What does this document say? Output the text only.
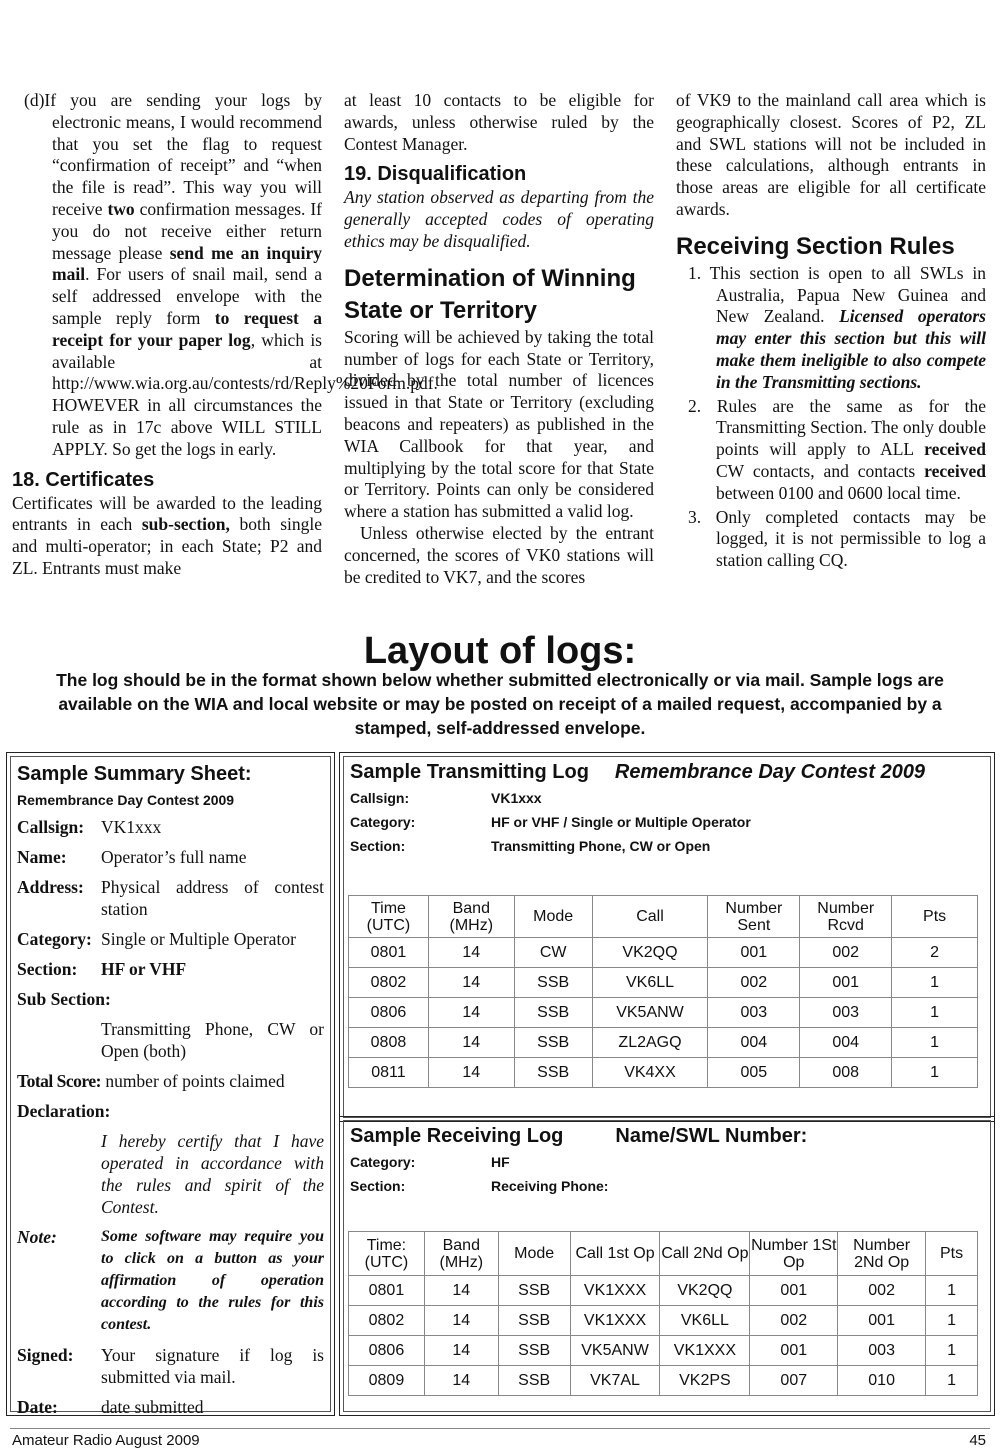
(d)If you are sending your logs by electronic means, I would recommend that you set the flag to request “confirmation of receipt” and “when the file is read”. This way you will receive two confirmation messages. If you do not receive either return message please send me an inquiry mail. For users of snail mail, send a self addressed envelope with the sample reply form to request a receipt for your paper log, which is available at http://www.wia.org.au/contests/rd/Reply%20Form.pdf. HOWEVER in all circumstances the rule as in 17c above WILL STILL APPLY. So get the logs in early.

18. Certificates

Certificates will be awarded to the leading entrants in each sub-section, both single and multi-operator; in each State; P2 and ZL. Entrants must make

at least 10 contacts to be eligible for awards, unless otherwise ruled by the Contest Manager.

19. Disqualification

Any station observed as departing from the generally accepted codes of operating ethics may be disqualified.

Determination of Winning State or Territory

Scoring will be achieved by taking the total number of logs for each State or Territory, divided by the total number of licences issued in that State or Territory (excluding beacons and repeaters) as published in the WIA Callbook for that year, and multiplying by the total score for that State or Territory. Points can only be considered where a station has submitted a valid log.

Unless otherwise elected by the entrant concerned, the scores of VK0 stations will be credited to VK7, and the scores

of VK9 to the mainland call area which is geographically closest. Scores of P2, ZL and SWL stations will not be included in these calculations, although entrants in those areas are eligible for all certificate awards.

Receiving Section Rules

1. This section is open to all SWLs in Australia, Papua New Guinea and New Zealand. Licensed operators may enter this section but this will make them ineligible to also compete in the Transmitting sections.

2. Rules are the same as for the Transmitting Section. The only double points will apply to ALL received CW contacts, and contacts received between 0100 and 0600 local time.

3. Only completed contacts may be logged, it is not permissible to log a station calling CQ.

Layout of logs:
The log should be in the format shown below whether submitted electronically or via mail. Sample logs are available on the WIA and local website or may be posted on receipt of a mailed request, accompanied by a stamped, self-addressed envelope.
Sample Summary Sheet:
Remembrance Day Contest 2009
Callsign: VK1xxx
Name:	Operator’s full name
Address: Physical address of contest station
Category: Single or Multiple Operator
Section:	HF or VHF
Sub Section:
Transmitting Phone, CW or Open (both)
Total Score:
number of points claimed
Declaration:
I hereby certify that I have operated in accordance with the rules and spirit of the Contest.
Note:	Some software may require you to click on a button as your affirmation of operation according to the rules for this contest.
Signed:	Your signature if log is submitted via mail.
Date:	date submitted
Sample Transmitting Log Remembrance Day Contest 2009
Callsign:	VK1xxx
Category:	HF or VHF / Single or Multiple Operator
Section:	Transmitting Phone, CW or Open
Time (UTC)	Band (MHz)	Mode	Call	Number Sent	Number Rcvd	Pts
0801	14	CW	VK2QQ	001	002	2
0802	14	SSB	VK6LL	002	001	1
0806	14	SSB	VK5ANW	003	003	1
0808	14	SSB	ZL2AGQ	004	004	1
0811	14	SSB	VK4XX	005	008	1
Sample Receiving Log	Name/SWL Number:
Category:	HF
Section:	Receiving Phone:
Time: (UTC)	Band (MHz)	Mode	Call 1st Op	Call 2Nd Op	Number 1St Op	Number 2Nd Op	Pts
0801	14	SSB	VK1XXX	VK2QQ	001	002	1
0802	14	SSB	VK1XXX	VK6LL	002	001	1
0806	14	SSB	VK5ANW	VK1XXX	001	003	1
0809	14	SSB	VK7AL	VK2PS	007	010	1
Amateur Radio August 2009	45
